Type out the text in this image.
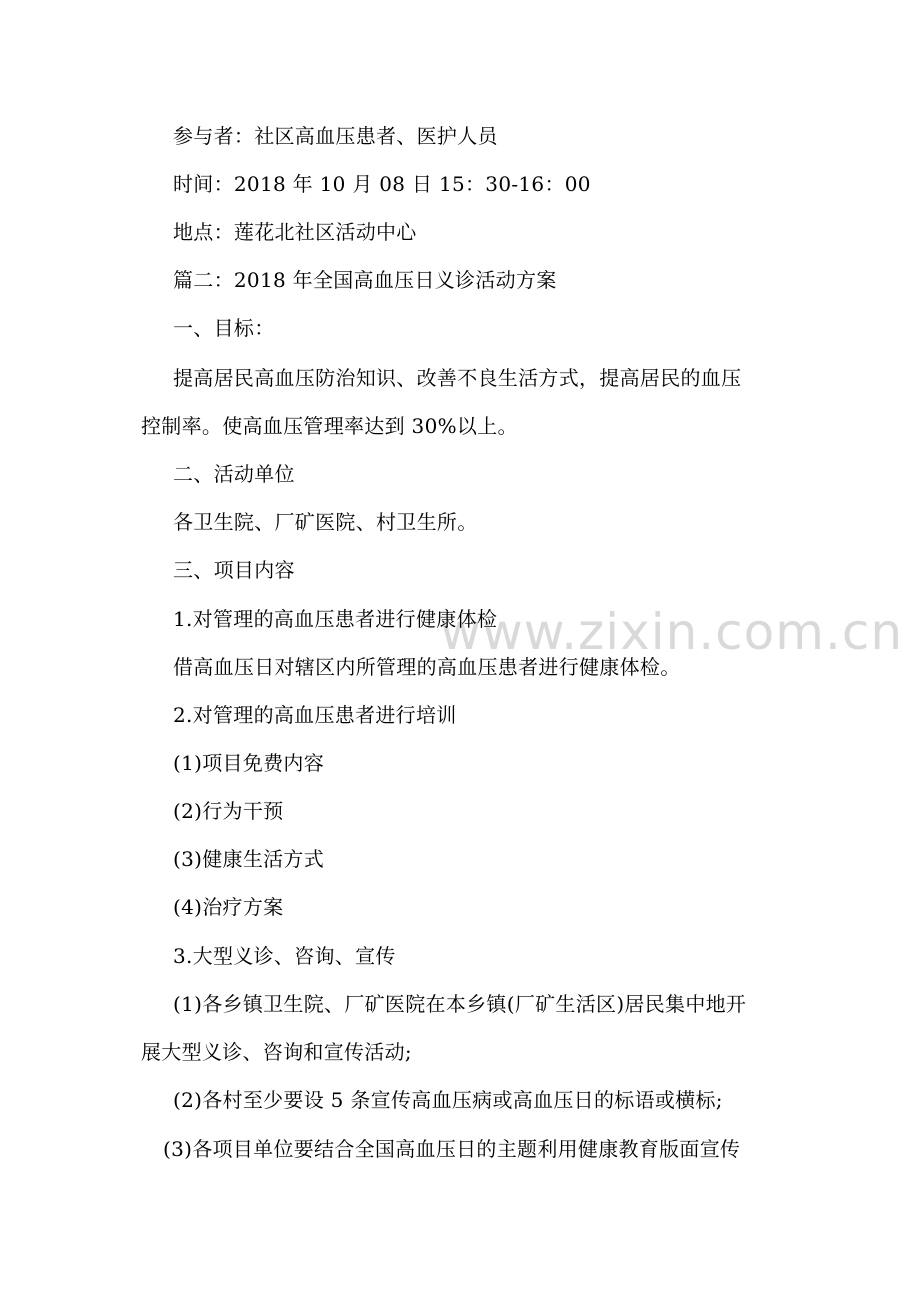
www.zixin.com.cn
参与者：社区高血压患者、医护人员
时间：2018 年 10 月 08 日 15：30-16：00
地点：莲花北社区活动中心
篇二：2018 年全国高血压日义诊活动方案
一、目标：
提高居民高血压防治知识、改善不良生活方式，提高居民的血压
控制率。使高血压管理率达到 30%以上。
二、活动单位
各卫生院、厂矿医院、村卫生所。
三、项目内容
1.对管理的高血压患者进行健康体检
借高血压日对辖区内所管理的高血压患者进行健康体检。
2.对管理的高血压患者进行培训
(1)项目免费内容
(2)行为干预
(3)健康生活方式
(4)治疗方案
3.大型义诊、咨询、宣传
(1)各乡镇卫生院、厂矿医院在本乡镇(厂矿生活区)居民集中地开
展大型义诊、咨询和宣传活动;
(2)各村至少要设 5 条宣传高血压病或高血压日的标语或横标;
(3)各项目单位要结合全国高血压日的主题利用健康教育版面宣传
